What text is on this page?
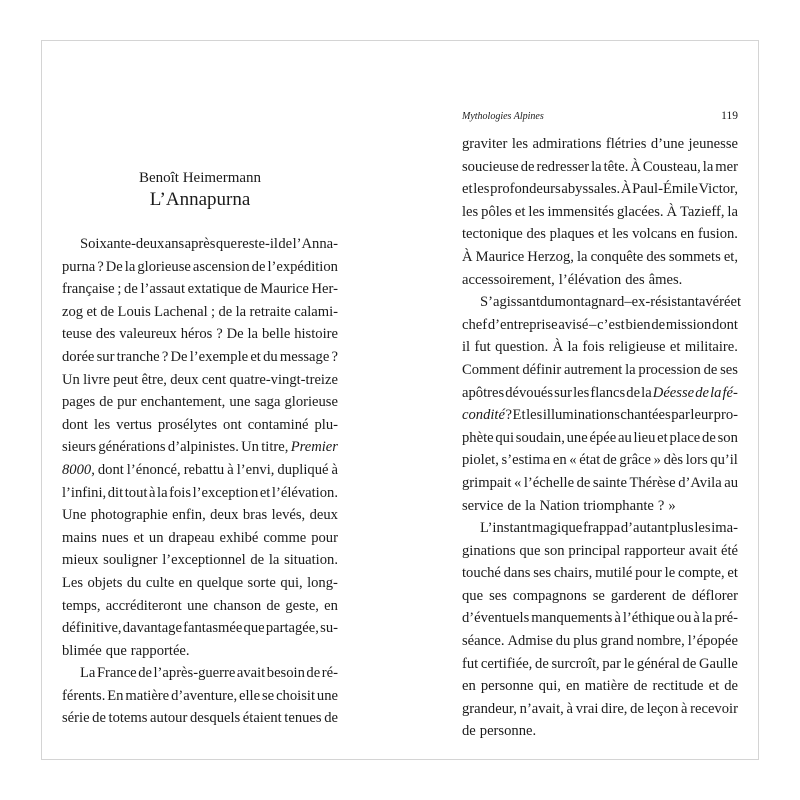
Benoît Heimermann
L’Annapurna
Mythologies Alpines	119
Soixante-deux ans après que reste-il de l’Anna-
purna ? De la glorieuse ascension de l’expédition
française ; de l’assaut extatique de Maurice Her-
zog et de Louis Lachenal ; de la retraite calami-
teuse des valeureux héros ? De la belle histoire
dorée sur tranche ? De l’exemple et du message ?
Un livre peut être, deux cent quatre-vingt-treize
pages de pur enchantement, une saga glorieuse
dont les vertus prosélytes ont contaminé plu-
sieurs générations d’alpinistes. Un titre, Premier
8000, dont l’énoncé, rebattu à l’envi, dupliqué à
l’infini, dit tout à la fois l’exception et l’élévation.
Une photographie enfin, deux bras levés, deux
mains nues et un drapeau exhibé comme pour
mieux souligner l’exceptionnel de la situation.
Les objets du culte en quelque sorte qui, long-
temps, accréditeront une chanson de geste, en
définitive, davantage fantasmée que partagée, su-
blimée que rapportée.
La France de l’après-guerre avait besoin de ré-
férents. En matière d’aventure, elle se choisit une
série de totems autour desquels étaient tenues de
graviter les admirations flétries d’une jeunesse
soucieuse de redresser la tête. À Cousteau, la mer
et les profondeurs abyssales. À Paul-Émile Victor,
les pôles et les immensités glacées. À Tazieff, la
tectonique des plaques et les volcans en fusion.
À Maurice Herzog, la conquête des sommets et,
accessoirement, l’élévation des âmes.
S’agissant du montagnard – ex-résistant avéré et
chef d’entreprise avisé – c’est bien de mission dont
il fut question. À la fois religieuse et militaire.
Comment définir autrement la procession de ses
apôtres dévoués sur les flancs de la Déesse de la fé-
condité ? Et les illuminations chantées par leur pro-
phète qui soudain, une épée au lieu et place de son
piolet, s’estima en « état de grâce » dès lors qu’il
grimpait « l’échelle de sainte Thérèse d’Avila au
service de la Nation triomphante ? »
L’instant magique frappa d’autant plus les ima-
ginations que son principal rapporteur avait été
touché dans ses chairs, mutilé pour le compte, et
que ses compagnons se garderent de déflorer
d’éventuels manquements à l’éthique ou à la pré-
séance. Admise du plus grand nombre, l’épopée
fut certifiée, de surcroît, par le général de Gaulle
en personne qui, en matière de rectitude et de
grandeur, n’avait, à vrai dire, de leçon à recevoir
de personne.
